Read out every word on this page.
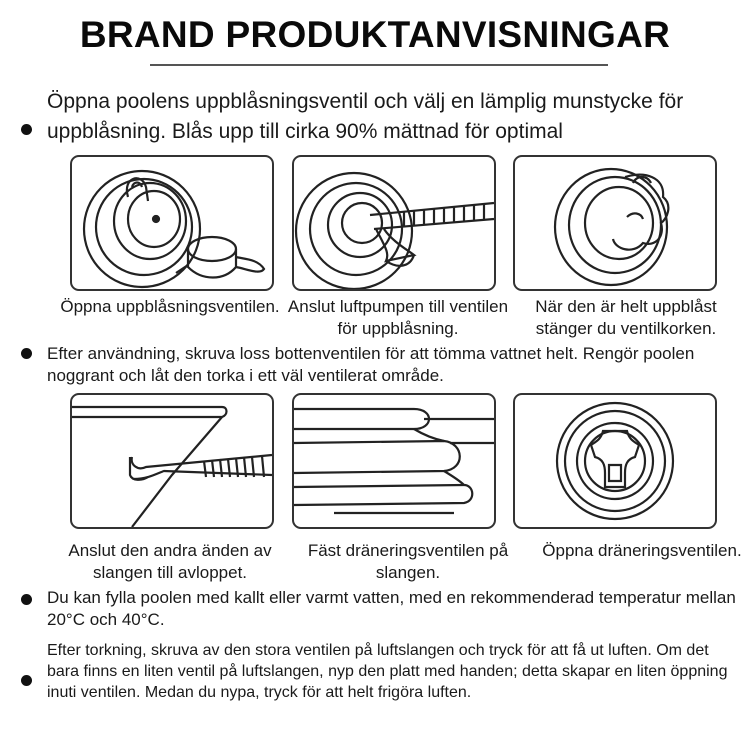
BRAND PRODUKTANVISNINGAR
Öppna poolens uppblåsningsventil och välj en lämplig munstycke för uppblåsning. Blås upp till cirka 90% mättnad för optimal
Öppna uppblåsningsventilen. Anslut luftpumpen till ventilen för uppblåsning.
När den är helt uppblåst stänger du ventilkorken.
Efter användning, skruva loss bottenventilen för att tömma vattnet helt. Rengör poolen noggrant och låt den torka i ett väl ventilerat område.
Anslut den andra änden av slangen till avloppet.
Fäst dräneringsventilen på slangen.
Öppna dräneringsventilen.
Du kan fylla poolen med kallt eller varmt vatten, med en rekommenderad temperatur mellan 20°C och 40°C.
Efter torkning, skruva av den stora ventilen på luftslangen och tryck för att få ut luften. Om det bara finns en liten ventil på luftslangen, nyp den platt med handen; detta skapar en liten öppning inuti ventilen. Medan du nypa, tryck för att helt frigöra luften.
